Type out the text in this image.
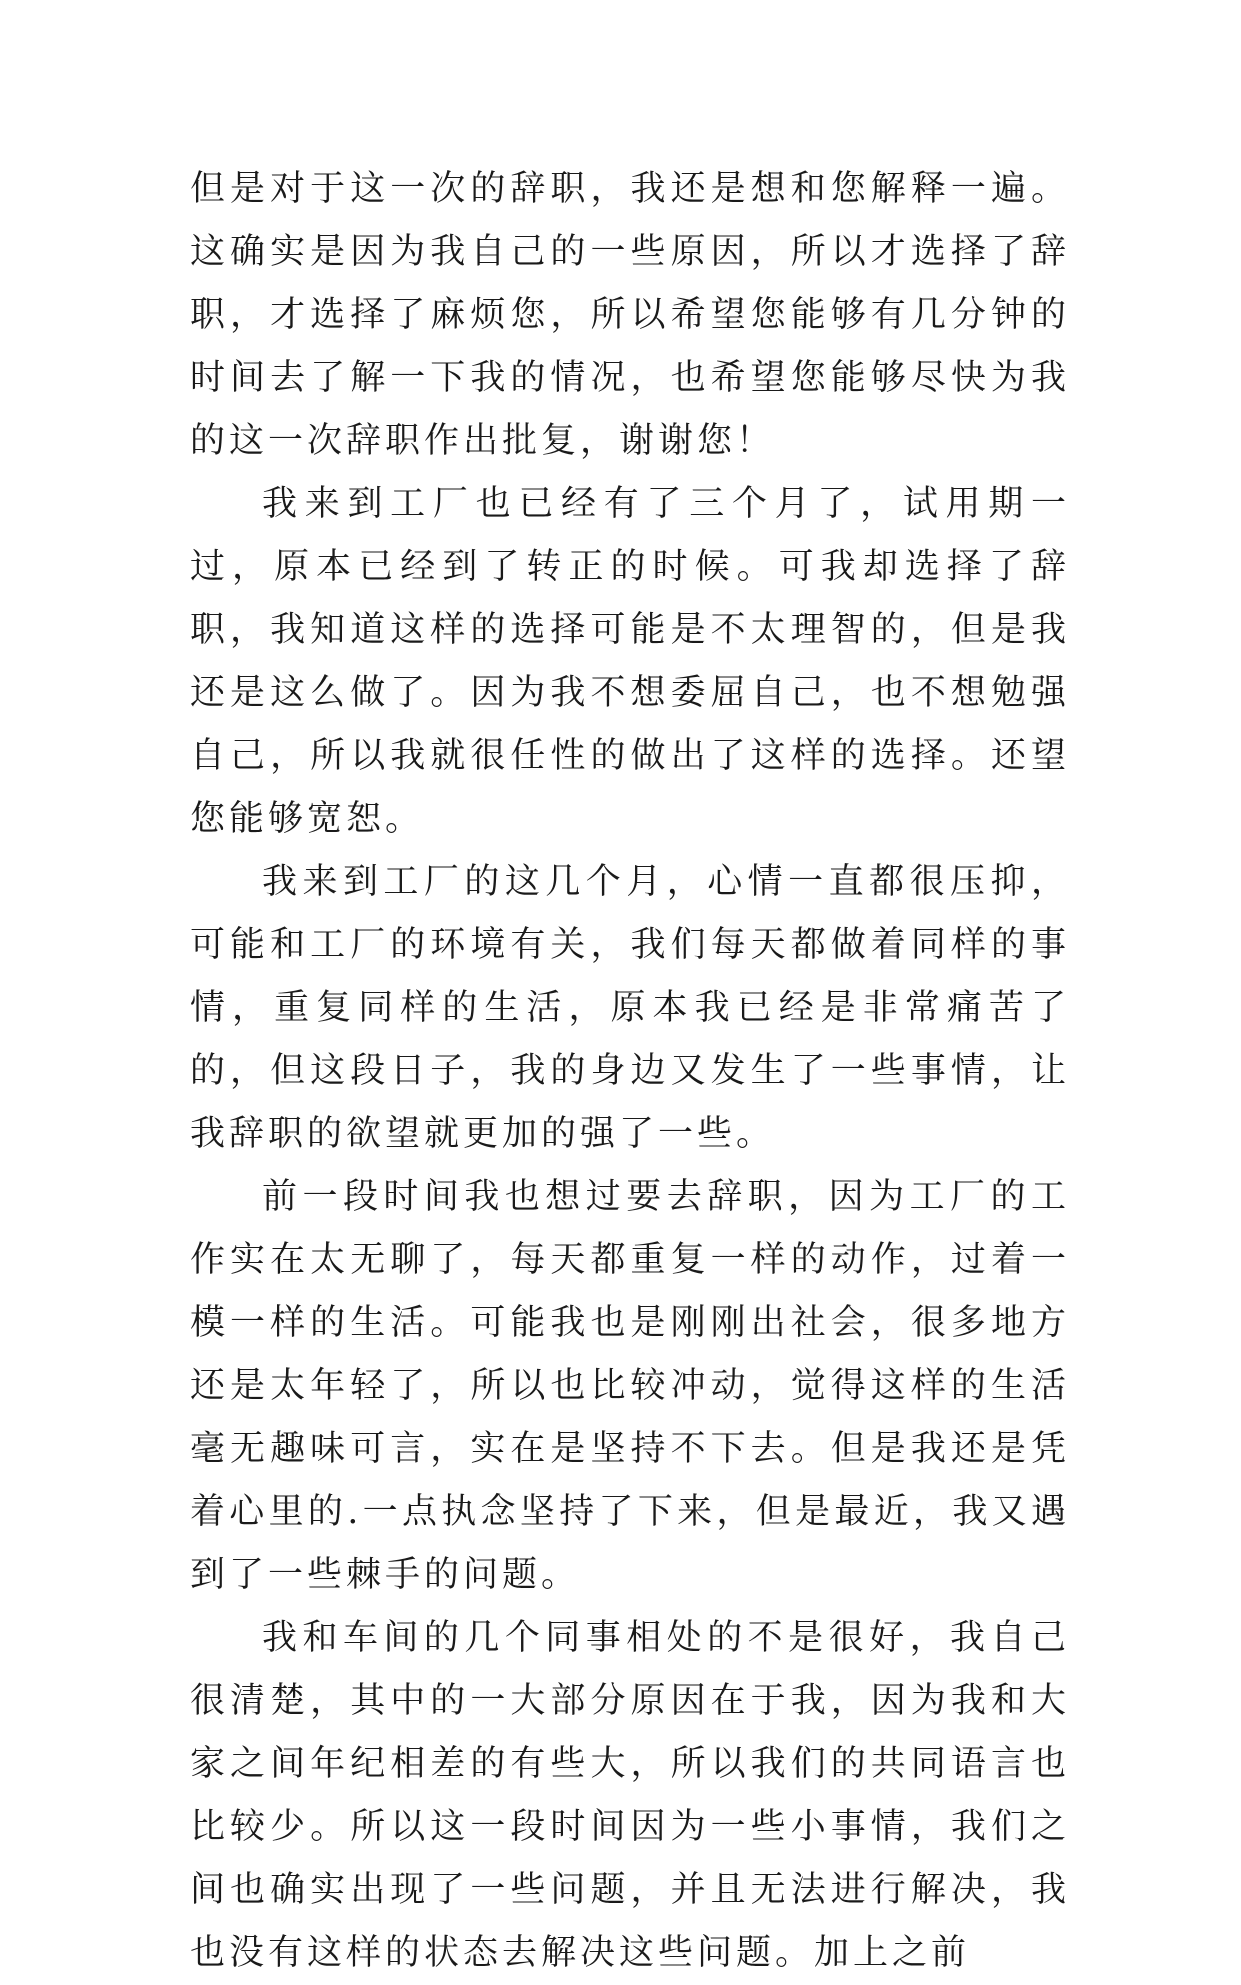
但是对于这一次的辞职，我还是想和您解释一遍。这确实是因为我自己的一些原因，所以才选择了辞职，才选择了麻烦您，所以希望您能够有几分钟的时间去了解一下我的情况，也希望您能够尽快为我的这一次辞职作出批复，谢谢您！

我来到工厂也已经有了三个月了，试用期一过，原本已经到了转正的时候。可我却选择了辞职，我知道这样的选择可能是不太理智的，但是我还是这么做了。因为我不想委屈自己，也不想勉强自己，所以我就很任性的做出了这样的选择。还望您能够宽恕。

我来到工厂的这几个月，心情一直都很压抑，可能和工厂的环境有关，我们每天都做着同样的事情，重复同样的生活，原本我已经是非常痛苦了的，但这段日子，我的身边又发生了一些事情，让我辞职的欲望就更加的强了一些。

前一段时间我也想过要去辞职，因为工厂的工作实在太无聊了，每天都重复一样的动作，过着一模一样的生活。可能我也是刚刚出社会，很多地方还是太年轻了，所以也比较冲动，觉得这样的生活毫无趣味可言，实在是坚持不下去。但是我还是凭着心里的.一点执念坚持了下来，但是最近，我又遇到了一些棘手的问题。

我和车间的几个同事相处的不是很好，我自己很清楚，其中的一大部分原因在于我，因为我和大家之间年纪相差的有些大，所以我们的共同语言也比较少。所以这一段时间因为一些小事情，我们之间也确实出现了一些问题，并且无法进行解决，我也没有这样的状态去解决这些问题。加上之前
